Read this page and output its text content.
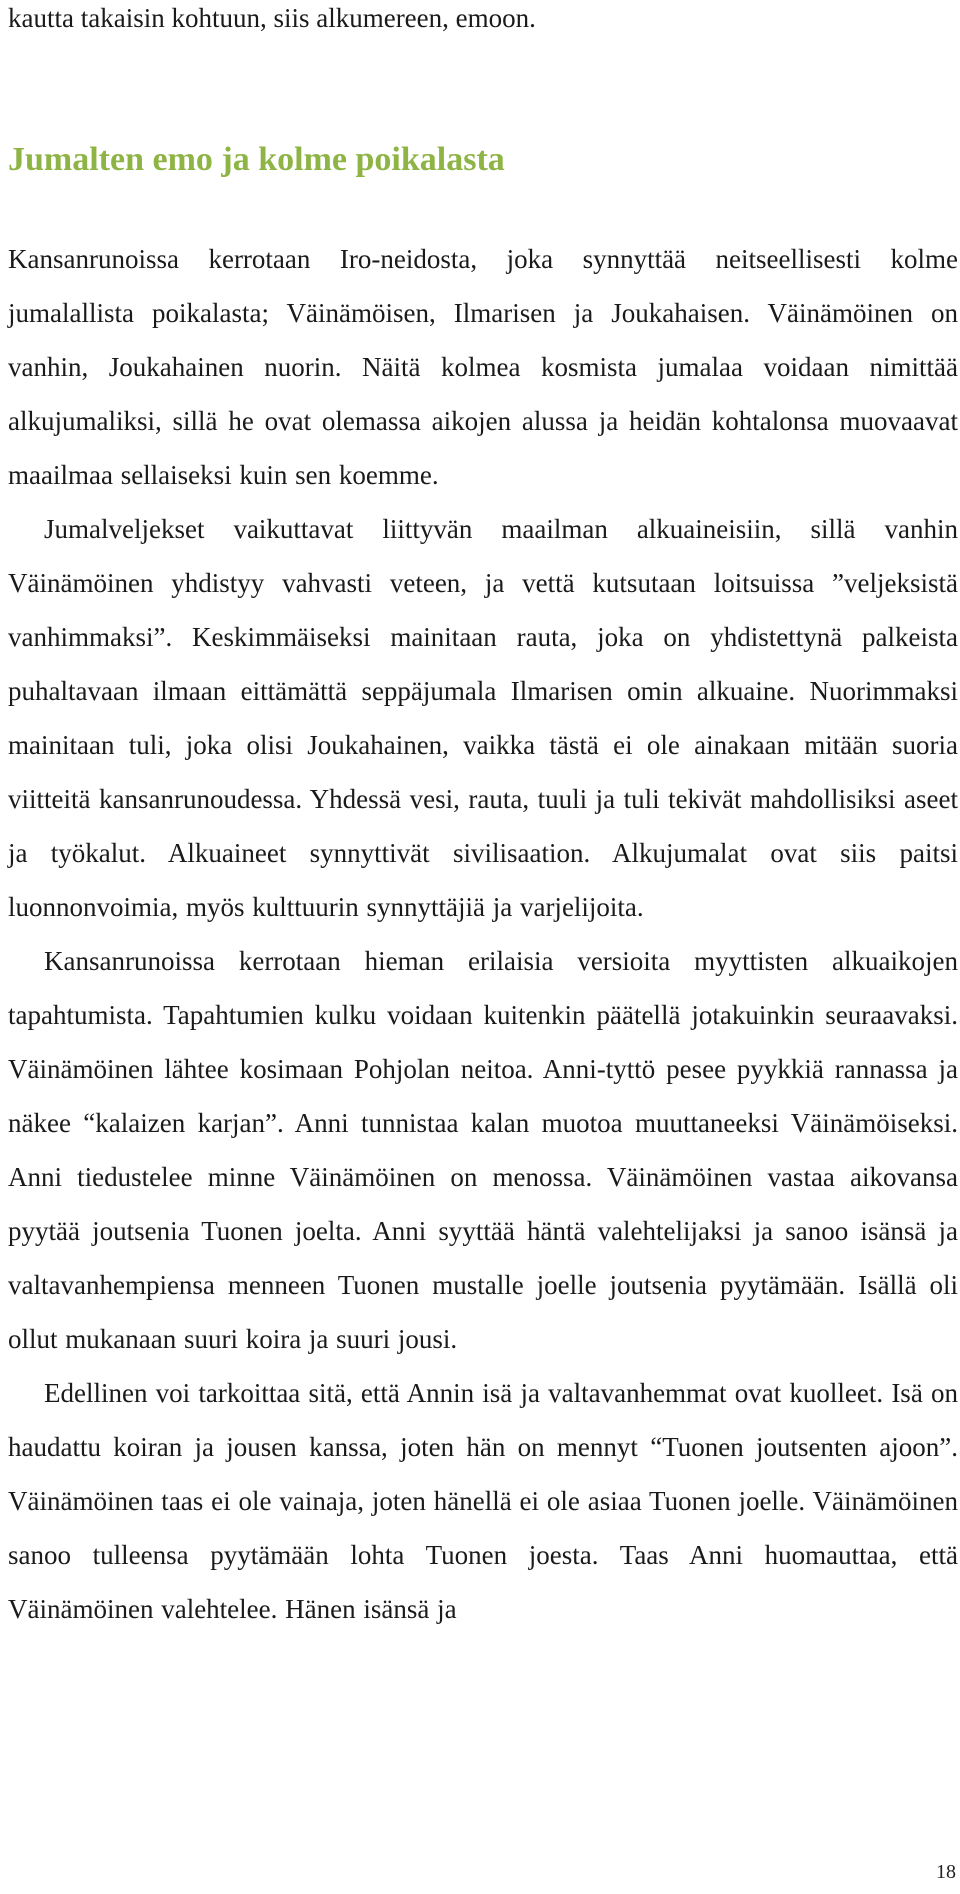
kautta takaisin kohtuun, siis alkumereen, emoon.
Jumalten emo ja kolme poikalasta

Kansanrunoissa kerrotaan Iro-neidosta, joka synnyttää neitseellisesti kolme jumalallista poikalasta; Väinämöisen, Ilmarisen ja Joukahaisen. Väinämöinen on vanhin, Joukahainen nuorin. Näitä kolmea kosmista jumalaa voidaan nimittää alkujumaliksi, sillä he ovat olemassa aikojen alussa ja heidän kohtalonsa muovaavat maailmaa sellaiseksi kuin sen koemme.

Jumalveljekset vaikuttavat liittyvän maailman alkuaineisiin, sillä vanhin Väinämöinen yhdistyy vahvasti veteen, ja vettä kutsutaan loitsuissa ”veljeksistä vanhimmaksi”. Keskimmäiseksi mainitaan rauta, joka on yhdistettynä palkeista puhaltavaan ilmaan eittämättä seppäjumala Ilmarisen omin alkuaine. Nuorimmaksi mainitaan tuli, joka olisi Joukahainen, vaikka tästä ei ole ainakaan mitään suoria viitteitä kansanrunoudessa. Yhdessä vesi, rauta, tuuli ja tuli tekivät mahdollisiksi aseet ja työkalut. Alkuaineet synnyttivät sivilisaation. Alkujumalat ovat siis paitsi luonnonvoimia, myös kulttuurin synnyttäjiä ja varjelijoita.

Kansanrunoissa kerrotaan hieman erilaisia versioita myyttisten alkuaikojen tapahtumista. Tapahtumien kulku voidaan kuitenkin päätellä jotakuinkin seuraavaksi. Väinämöinen lähtee kosimaan Pohjolan neitoa. Anni-tyttö pesee pyykkiä rannassa ja näkee “kalaizen karjan”. Anni tunnistaa kalan muotoa muuttaneeksi Väinämöiseksi. Anni tiedustelee minne Väinämöinen on menossa. Väinämöinen vastaa aikovansa pyytää joutsenia Tuonen joelta. Anni syyttää häntä valehtelijaksi ja sanoo isänsä ja valtavanhempiensa menneen Tuonen mustalle joelle joutsenia pyytämään. Isällä oli ollut mukanaan suuri koira ja suuri jousi.

Edellinen voi tarkoittaa sitä, että Annin isä ja valtavanhemmat ovat kuolleet. Isä on haudattu koiran ja jousen kanssa, joten hän on mennyt “Tuonen joutsenten ajoon”. Väinämöinen taas ei ole vainaja, joten hänellä ei ole asiaa Tuonen joelle. Väinämöinen sanoo tulleensa pyytämään lohta Tuonen joesta. Taas Anni huomauttaa, että Väinämöinen valehtelee. Hänen isänsä ja

18
